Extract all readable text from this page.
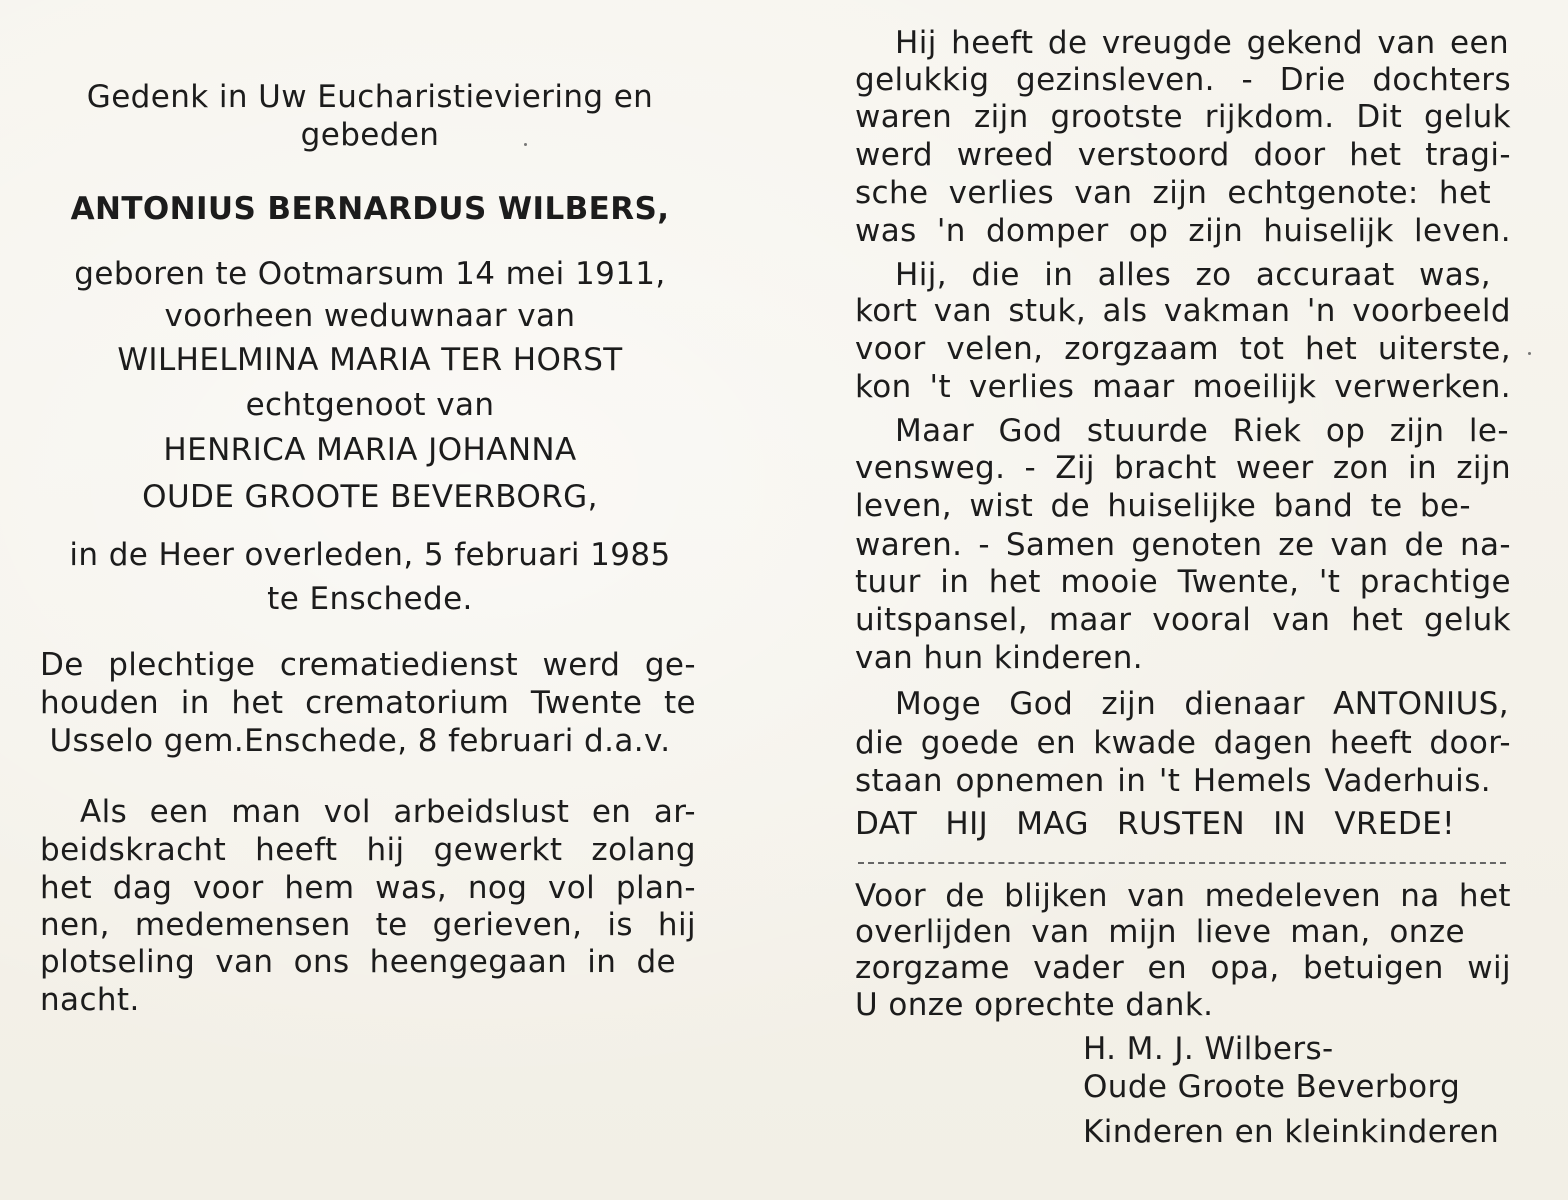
Gedenk in Uw Eucharistieviering en
gebeden
ANTONIUS BERNARDUS WILBERS,
geboren te Ootmarsum 14 mei 1911,
voorheen weduwnaar van
WILHELMINA MARIA TER HORST
echtgenoot van
HENRICA MARIA JOHANNA
OUDE GROOTE BEVERBORG,
in de Heer overleden, 5 februari 1985
te Enschede.
De plechtige crematiedienst werd ge-
houden in het crematorium Twente te
Usselo gem.Enschede, 8 februari d.a.v.
Als een man vol arbeidslust en ar-
beidskracht heeft hij gewerkt zolang
het dag voor hem was, nog vol plan-
nen, medemensen te gerieven, is hij
plotseling van ons heengegaan in de
nacht.
Hij heeft de vreugde gekend van een
gelukkig gezinsleven. - Drie dochters
waren zijn grootste rijkdom. Dit geluk
werd wreed verstoord door het tragi-
sche verlies van zijn echtgenote: het
was 'n domper op zijn huiselijk leven.
Hij, die in alles zo accuraat was,
kort van stuk, als vakman 'n voorbeeld
voor velen, zorgzaam tot het uiterste,
kon 't verlies maar moeilijk verwerken.
Maar God stuurde Riek op zijn le-
vensweg. - Zij bracht weer zon in zijn
leven, wist de huiselijke band te be-
waren. - Samen genoten ze van de na-
tuur in het mooie Twente, 't prachtige
uitspansel, maar vooral van het geluk
van hun kinderen.
Moge God zijn dienaar ANTONIUS,
die goede en kwade dagen heeft door-
staan opnemen in 't Hemels Vaderhuis.
DAT HIJ MAG RUSTEN IN VREDE!
Voor de blijken van medeleven na het
overlijden van mijn lieve man, onze
zorgzame vader en opa, betuigen wij
U onze oprechte dank.
H. M. J. Wilbers-
Oude Groote Beverborg
Kinderen en kleinkinderen
